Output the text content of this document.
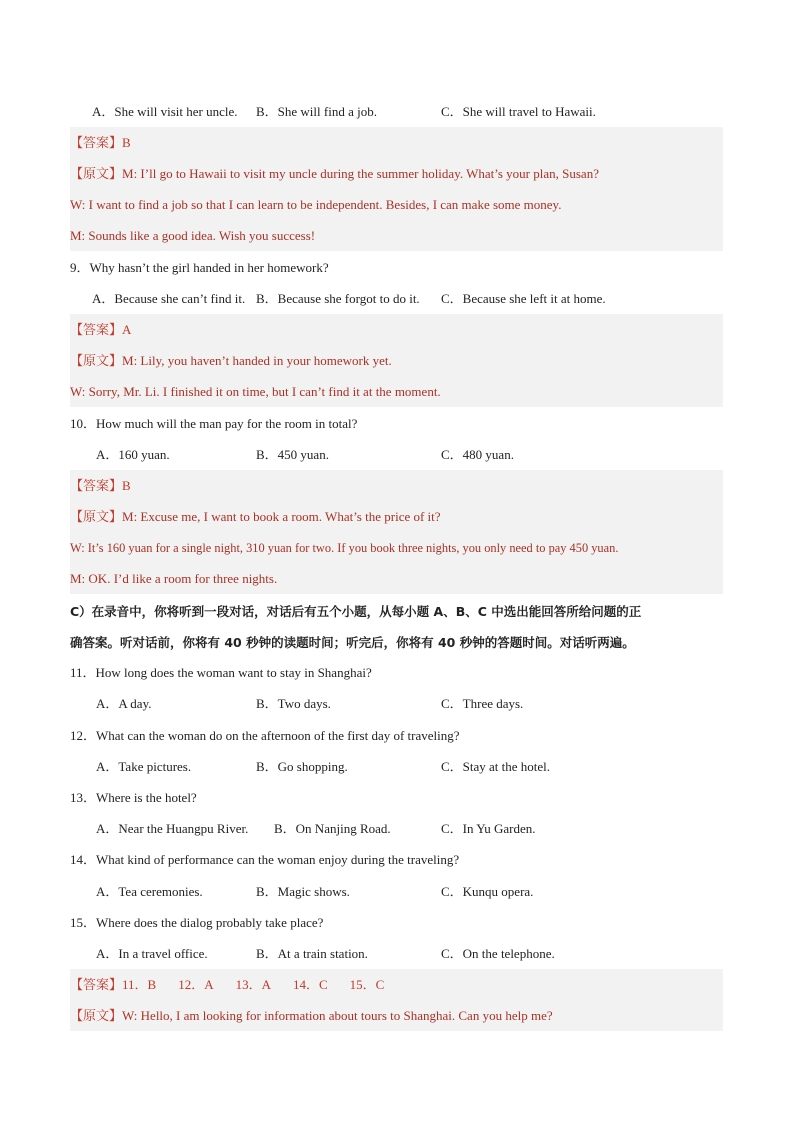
A．She will visit her uncle. B．She will find a job.	C．She will travel to Hawaii.
【答案】B
【原文】M: I’ll go to Hawaii to visit my uncle during the summer holiday. What’s your plan, Susan?
W: I want to find a job so that I can learn to be independent. Besides, I can make some money.
M: Sounds like a good idea. Wish you success!
9．Why hasn’t the girl handed in her homework?
A．Because she can’t find it. B．Because she forgot to do it. C．Because she left it at home.
【答案】A
【原文】M: Lily, you haven’t handed in your homework yet.
W: Sorry, Mr. Li. I finished it on time, but I can’t find it at the moment.
10．How much will the man pay for the room in total?
A．160 yuan.	B．450 yuan.	C．480 yuan.
【答案】B
【原文】M: Excuse me, I want to book a room. What’s the price of it?
W: It’s 160 yuan for a single night, 310 yuan for two. If you book three nights, you only need to pay 450 yuan.
M: OK. I’d like a room for three nights.
C）在录音中，你将听到一段对话，对话后有五个小题，从每小题 A、B、C 中选出能回答所给问题的正
确答案。听对话前，你将有 40 秒钟的读题时间；听完后，你将有 40 秒钟的答题时间。对话听两遍。
11．How long does the woman want to stay in Shanghai?
A．A day.	B．Two days.	C．Three days.
12．What can the woman do on the afternoon of the first day of traveling?
A．Take pictures.	B．Go shopping.	C．Stay at the hotel.
13．Where is the hotel?
A．Near the Huangpu River. B．On Nanjing Road.	C．In Yu Garden.
14．What kind of performance can the woman enjoy during the traveling?
A．Tea ceremonies.	B．Magic shows.	C．Kunqu opera.
15．Where does the dialog probably take place?
A．In a travel office.	B．At a train station.	C．On the telephone.
【答案】11．B 12．A 13．A 14．C 15．C
【原文】W: Hello, I am looking for information about tours to Shanghai. Can you help me?
